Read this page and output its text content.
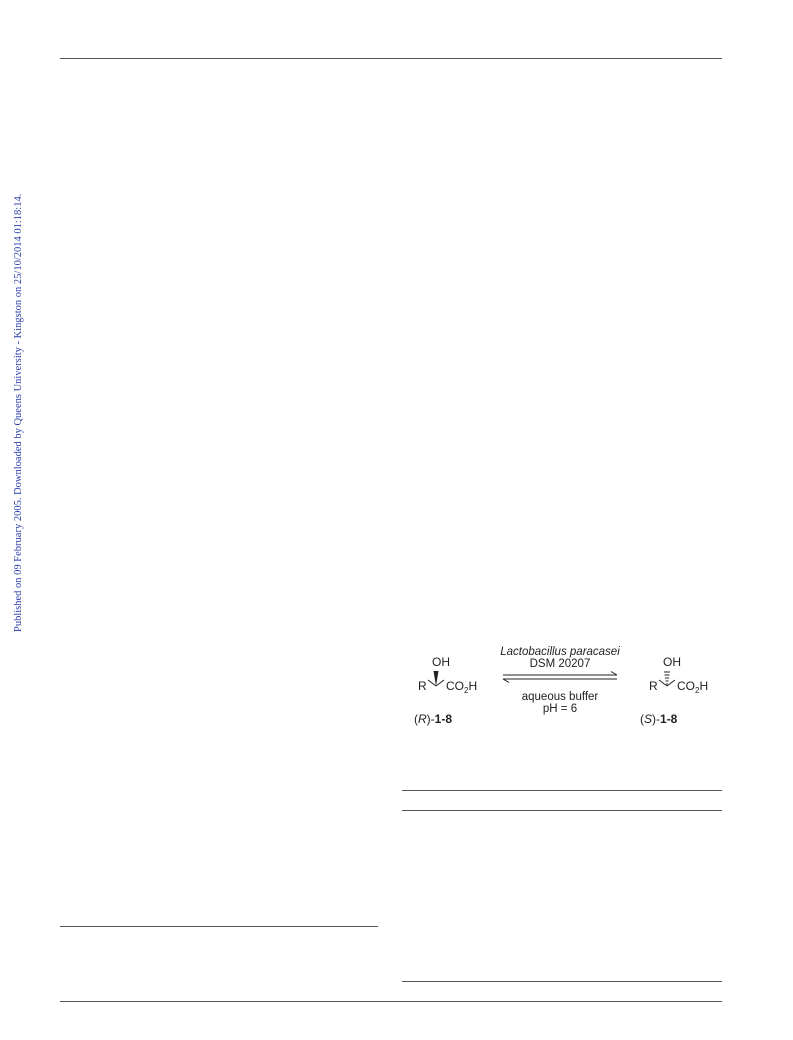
Published on 09 February 2005. Downloaded by Queens University - Kingston on 25/10/2014 01:18:14.
OH
R $CO_2H$
(R)-1-8
Lactobacillus paracasei
DSM 20207
aqueous buffer
pH = 6
OH
R $CO_2H$
(S)-1-8
